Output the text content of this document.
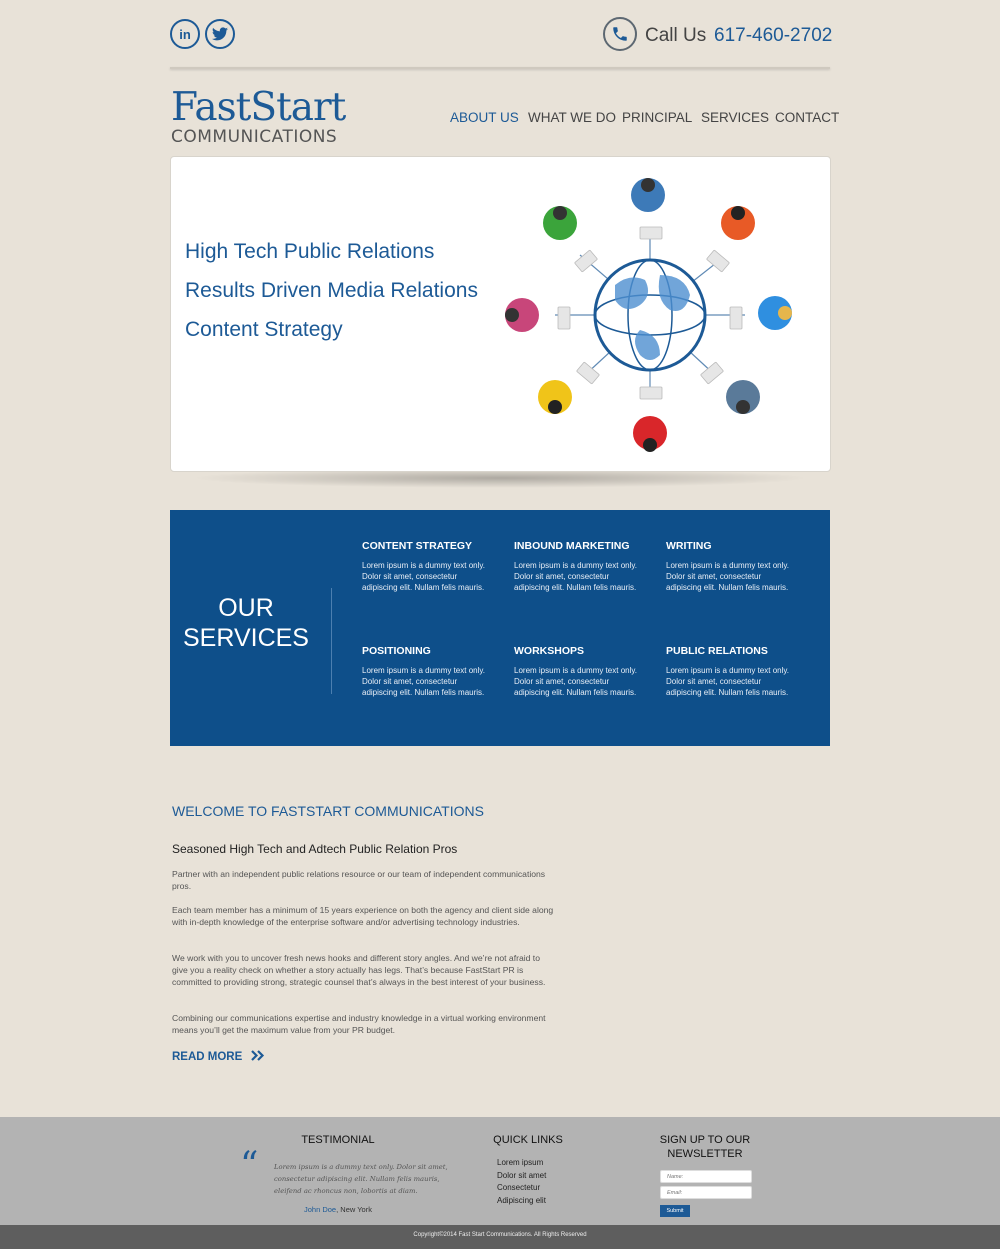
in	Call Us 617-460-2702
FastStart
COMMUNICATIONS
ABOUT US WHAT WE DO PRINCIPAL SERVICES CONTACT
High Tech Public Relations
Results Driven Media Relations
Content Strategy
OUR
SERVICES
CONTENT STRATEGY
Lorem ipsum is a dummy text only. Dolor sit amet, consectetur adipiscing elit. Nullam felis mauris.
INBOUND MARKETING
Lorem ipsum is a dummy text only. Dolor sit amet, consectetur adipiscing elit. Nullam felis mauris.
WRITING
Lorem ipsum is a dummy text only. Dolor sit amet, consectetur adipiscing elit. Nullam felis mauris.
POSITIONING
Lorem ipsum is a dummy text only. Dolor sit amet, consectetur adipiscing elit. Nullam felis mauris.
WORKSHOPS
Lorem ipsum is a dummy text only. Dolor sit amet, consectetur adipiscing elit. Nullam felis mauris.
PUBLIC RELATIONS
Lorem ipsum is a dummy text only. Dolor sit amet, consectetur adipiscing elit. Nullam felis mauris.
WELCOME TO FASTSTART COMMUNICATIONS
Seasoned High Tech and Adtech Public Relation Pros
Partner with an independent public relations resource or our team of independent communications pros.
Each team member has a minimum of 15 years experience on both the agency and client side along with in-depth knowledge of the enterprise software and/or advertising technology industries.
We work with you to uncover fresh news hooks and different story angles. And we’re not afraid to give you a reality check on whether a story actually has legs. That’s because FastStart PR is committed to providing strong, strategic counsel that’s always in the best interest of your business.
Combining our communications expertise and industry knowledge in a virtual working environment means you’ll get the maximum value from your PR budget.
READ MORE
TESTIMONIAL
“ Lorem ipsum is a dummy text only. Dolor sit amet, consectetur adipiscing elit. Nullam felis mauris, eleifend ac rhoncus non, lobortis at diam.
John Doe, New York
QUICK LINKS
Lorem ipsum
Dolor sit amet
Consectetur
Adipiscing elit
SIGN UP TO OUR
NEWSLETTER
Name:
Email:
Submit
Copyright©2014 Fast Start Communications. All Rights Reserved
